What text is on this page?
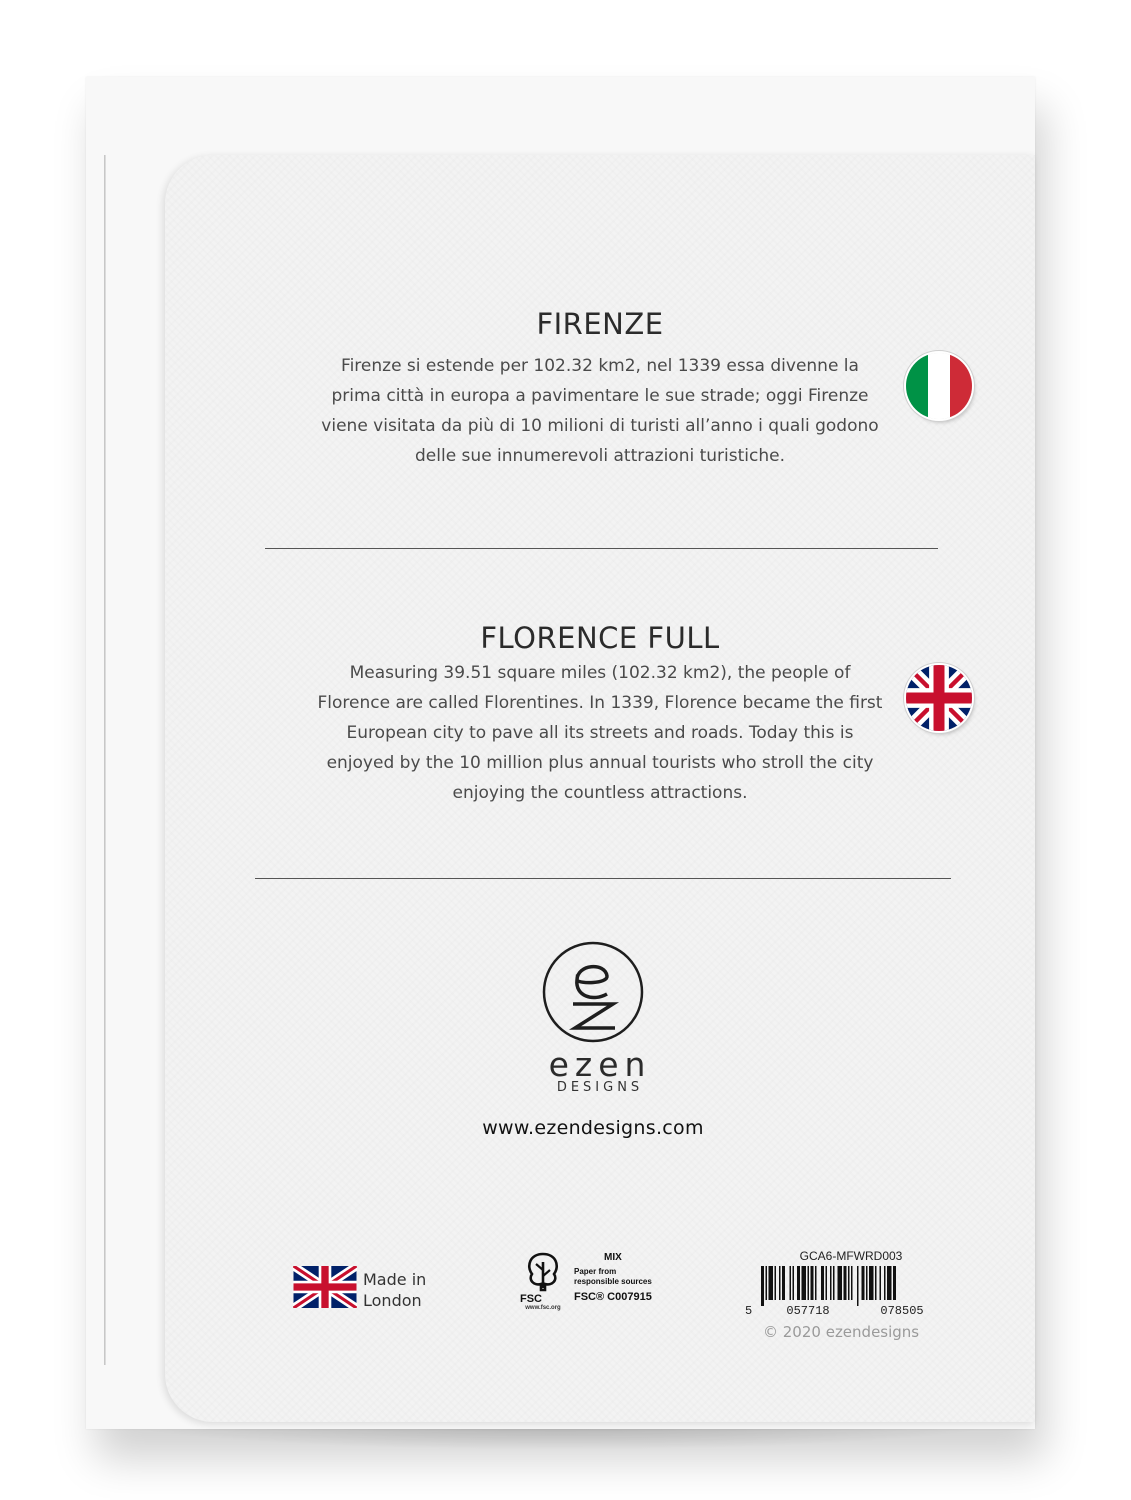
FIRENZE

Firenze si estende per 102.32 km2, nel 1339 essa divenne la prima città in europa a pavimentare le sue strade; oggi Firenze viene visitata da più di 10 milioni di turisti all’anno i quali godono delle sue innumerevoli attrazioni turistiche.

FLORENCE FULL

Measuring 39.51 square miles (102.32 km2), the people of Florence are called Florentines. In 1339, Florence became the first European city to pave all its streets and roads. Today this is enjoyed by the 10 million plus annual tourists who stroll the city enjoying the countless attractions.

ezen
DESIGNS
www.ezendesigns.com
Made in
London	FSC
www.fsc.org
MIX
Paper from
responsible sources
FSC® C007915
GCA6-MFWRD003
5	057718	078505
© 2020 ezendesigns
